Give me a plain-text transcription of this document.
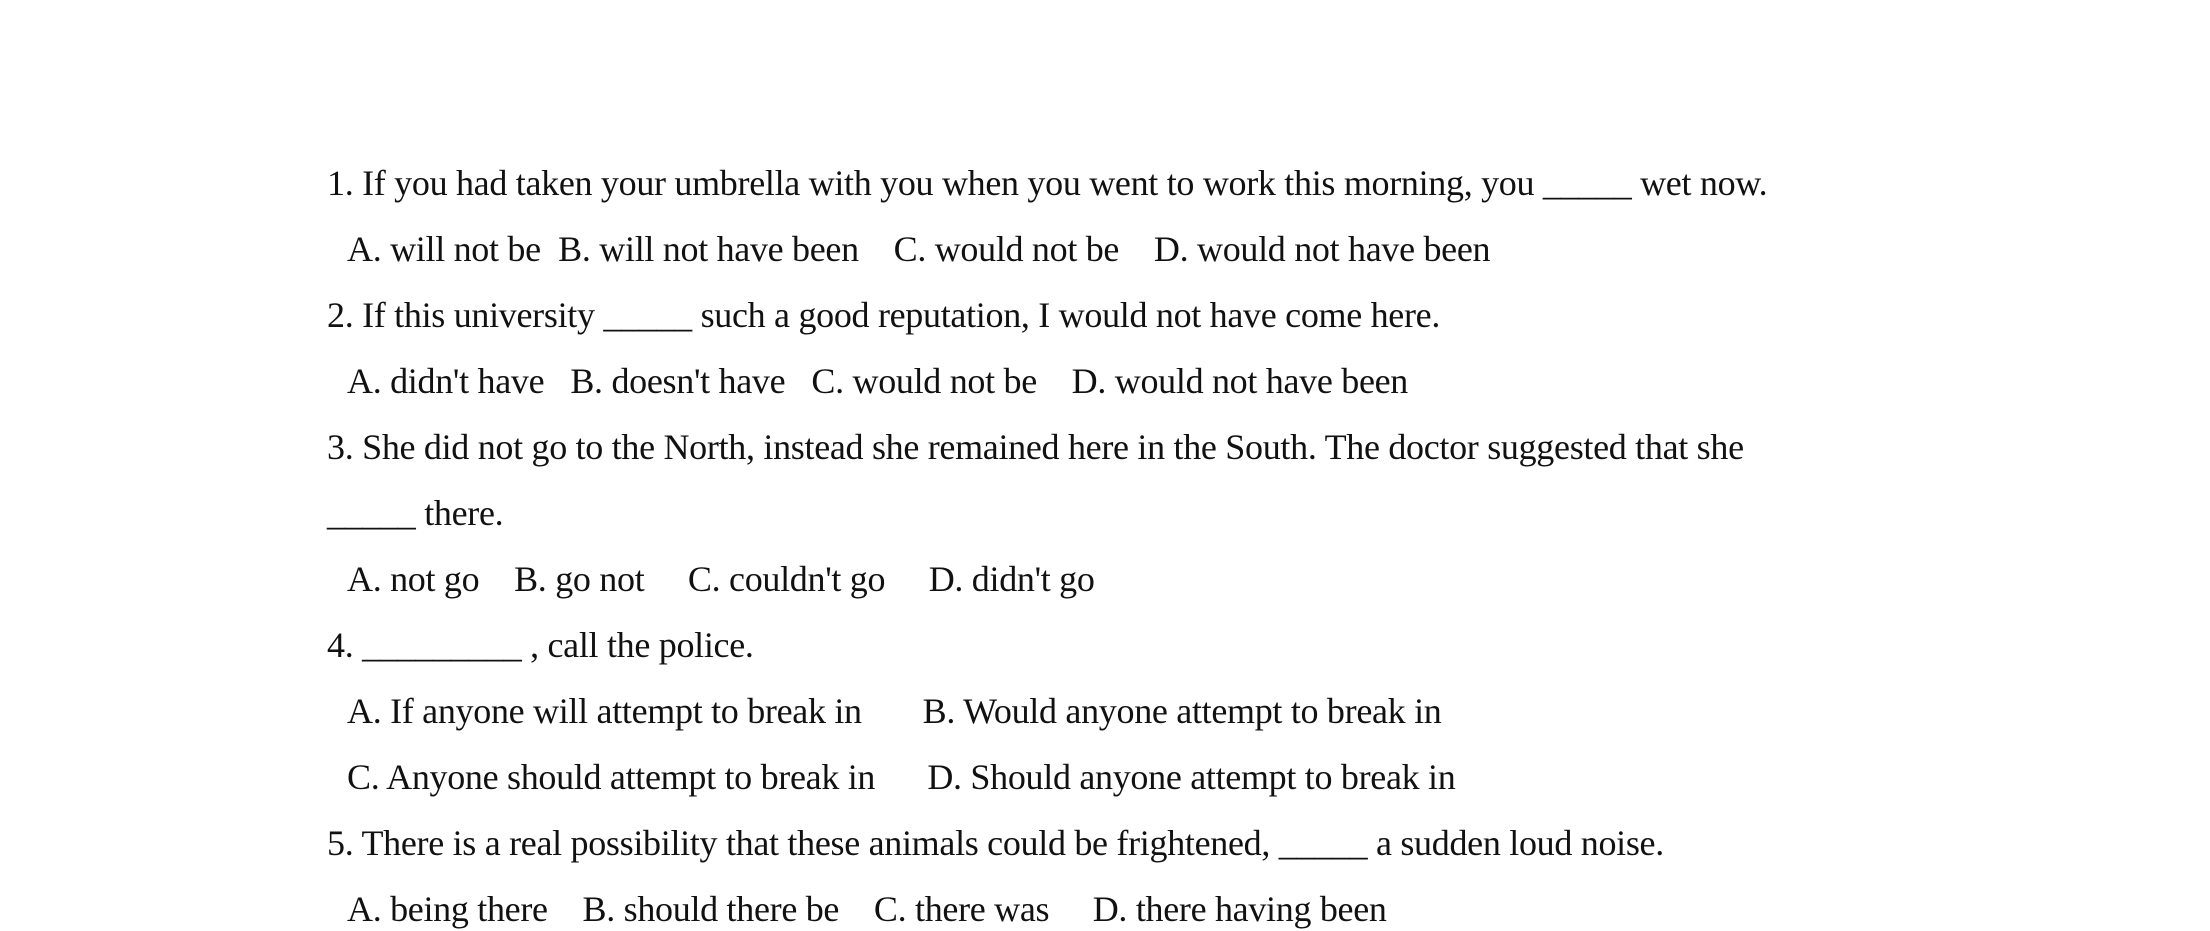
1. If you had taken your umbrella with you when you went to work this morning, you _____ wet now.
A. will not be  B. will not have been    C. would not be    D. would not have been
2. If this university _____ such a good reputation, I would not have come here.
A. didn't have   B. doesn't have   C. would not be    D. would not have been
3. She did not go to the North, instead she remained here in the South. The doctor suggested that she
_____ there.
A. not go    B. go not     C. couldn't go     D. didn't go
4. _________ , call the police.
A. If anyone will attempt to break in       B. Would anyone attempt to break in
C. Anyone should attempt to break in      D. Should anyone attempt to break in
5. There is a real possibility that these animals could be frightened, _____ a sudden loud noise.
A. being there    B. should there be    C. there was     D. there having been
